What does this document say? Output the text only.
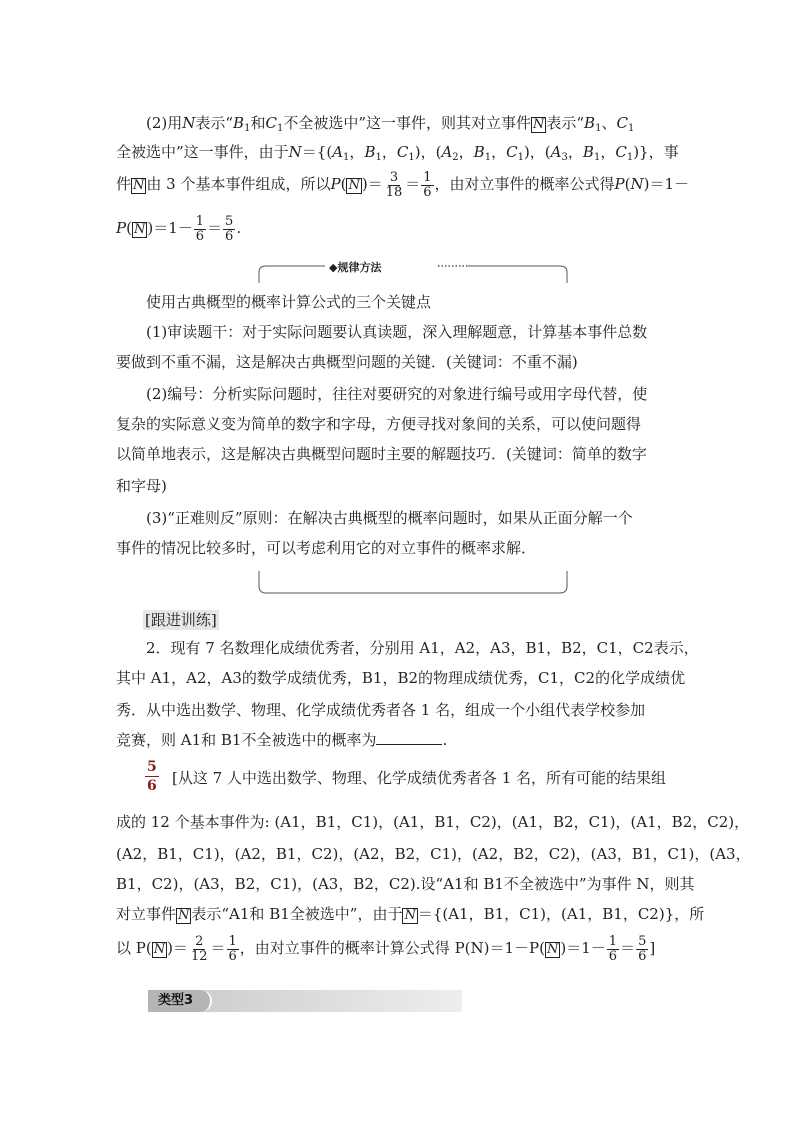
(2)用N表示“$B_1$和$C_1$不全被选中”这一事件，则其对立事件 N 表示“$B_1$、$C_1$
全被选中”这一事件，由于$N=\{(A_1$，$B_1$，$C_1$)，($A_2$，$B_1$，$C_1$)，($A_3$，$B_1$，$C_1$)}，事
件 N 由 3 个基本事件组成，所以P( N )＝ $\frac{3}{18} = \frac{1}{6}$ ，由对立事件的概率公式得P(N)＝1－
P( N )$=1- \frac{1}{6} = \frac{5}{6}$ .
◆规律方法
使用古典概型的概率计算公式的三个关键点
(1)审读题干：对于实际问题要认真读题，深入理解题意，计算基本事件总数
要做到不重不漏，这是解决古典概型问题的关键．(关键词：不重不漏)
(2)编号：分析实际问题时，往往对要研究的对象进行编号或用字母代替，使
复杂的实际意义变为简单的数字和字母，方便寻找对象间的关系，可以使问题得
以简单地表示，这是解决古典概型问题时主要的解题技巧．(关键词：简单的数字
和字母)
(3)“正难则反”原则：在解决古典概型的概率问题时，如果从正面分解一个
事件的情况比较多时，可以考虑利用它的对立事件的概率求解．
[跟进训练]
2．现有 7 名数理化成绩优秀者，分别用 A1，A2，A3，B1，B2，C1，C2表示，
其中 A1，A2，A3的数学成绩优秀，B1，B2的物理成绩优秀，C1，C2的化学成绩优
秀．从中选出数学、物理、化学成绩优秀者各 1 名，组成一个小组代表学校参加
竞赛，则 A1和 B1不全被选中的概率为	.
$\frac{5}{6}$ [从这 7 人中选出数学、物理、化学成绩优秀者各 1 名，所有可能的结果组
成的 12 个基本事件为: (A1，B1，C1)，(A1，B1，C2)，(A1，B2，C1)，(A1，B2，C2)，
(A2，B1，C1)，(A2，B1，C2)，(A2，B2，C1)，(A2，B2，C2)，(A3，B1，C1)，(A3，
B1，C2)，(A3，B2，C1)，(A3，B2，C2).设“A1和 B1不全被选中”为事件 N，则其
对立事件 N 表示“A1和 B1全被选中”，由于 N ＝{(A1，B1，C1)，(A1，B1，C2)}，所
以 P( N )＝ $\frac{2}{12} = \frac{1}{6}$ ，由对立事件的概率计算公式得 P(N)＝1－P( N )$=1- \frac{1}{6} = \frac{5}{6}$ ]
类型3
